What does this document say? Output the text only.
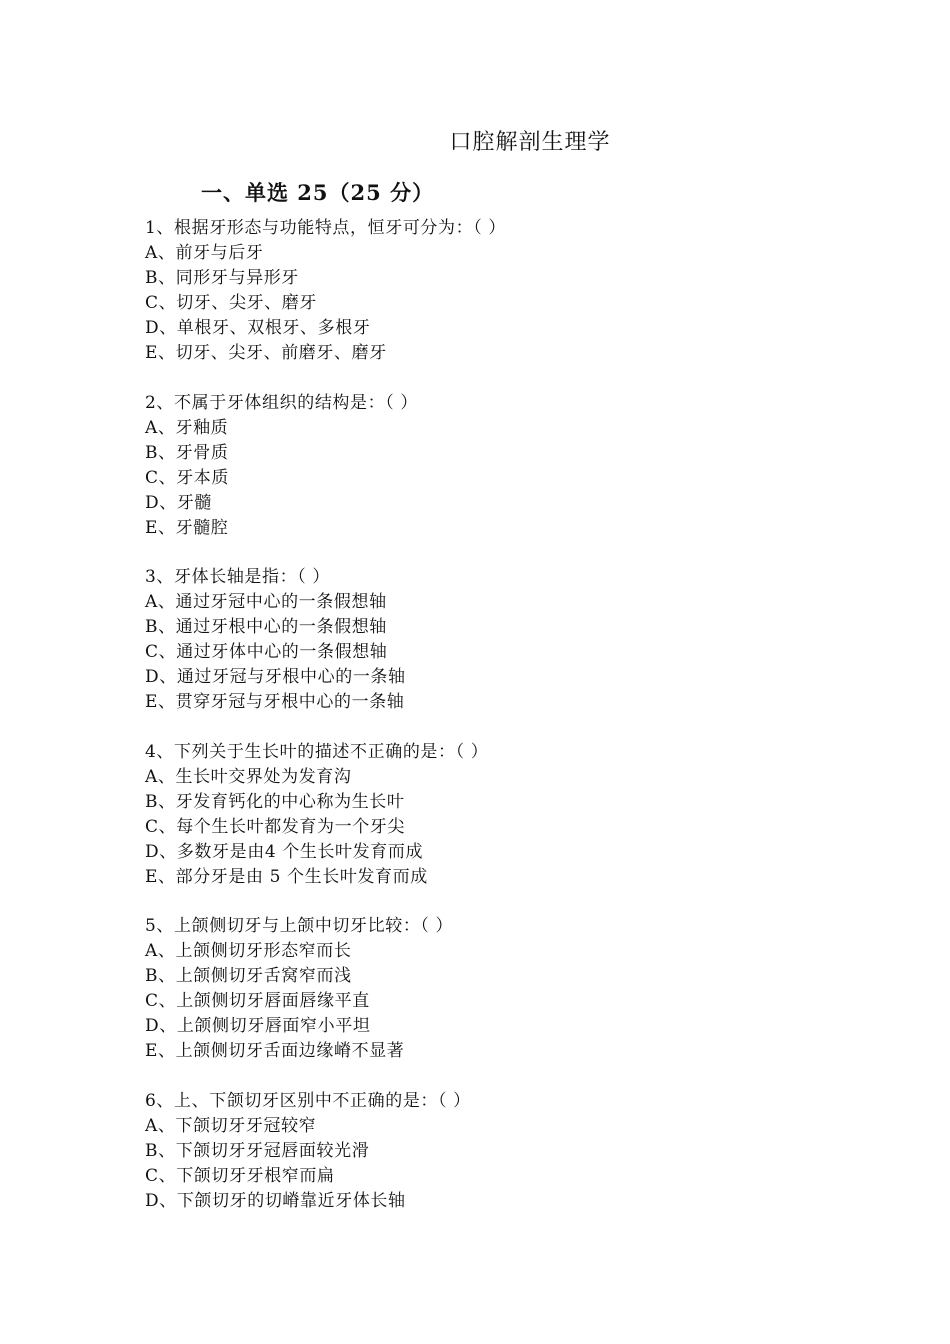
口腔解剖生理学
一、单选 25（25 分）
1、根据牙形态与功能特点，恒牙可分为：（ ）
A、前牙与后牙
B、同形牙与异形牙
C、切牙、尖牙、磨牙
D、单根牙、双根牙、多根牙
E、切牙、尖牙、前磨牙、磨牙
2、不属于牙体组织的结构是：（ ）
A、牙釉质
B、牙骨质
C、牙本质
D、牙髓
E、牙髓腔
3、牙体长轴是指：（ ）
A、通过牙冠中心的一条假想轴
B、通过牙根中心的一条假想轴
C、通过牙体中心的一条假想轴
D、通过牙冠与牙根中心的一条轴
E、贯穿牙冠与牙根中心的一条轴
4、下列关于生长叶的描述不正确的是：（ ）
A、生长叶交界处为发育沟
B、牙发育钙化的中心称为生长叶
C、每个生长叶都发育为一个牙尖
D、多数牙是由4 个生长叶发育而成
E、部分牙是由 5 个生长叶发育而成
5、上颌侧切牙与上颌中切牙比较：（ ）
A、上颌侧切牙形态窄而长
B、上颌侧切牙舌窝窄而浅
C、上颌侧切牙唇面唇缘平直
D、上颌侧切牙唇面窄小平坦
E、上颌侧切牙舌面边缘嵴不显著
6、上、下颌切牙区别中不正确的是：（ ）
A、下颌切牙牙冠较窄
B、下颌切牙牙冠唇面较光滑
C、下颌切牙牙根窄而扁
D、下颌切牙的切嵴靠近牙体长轴
